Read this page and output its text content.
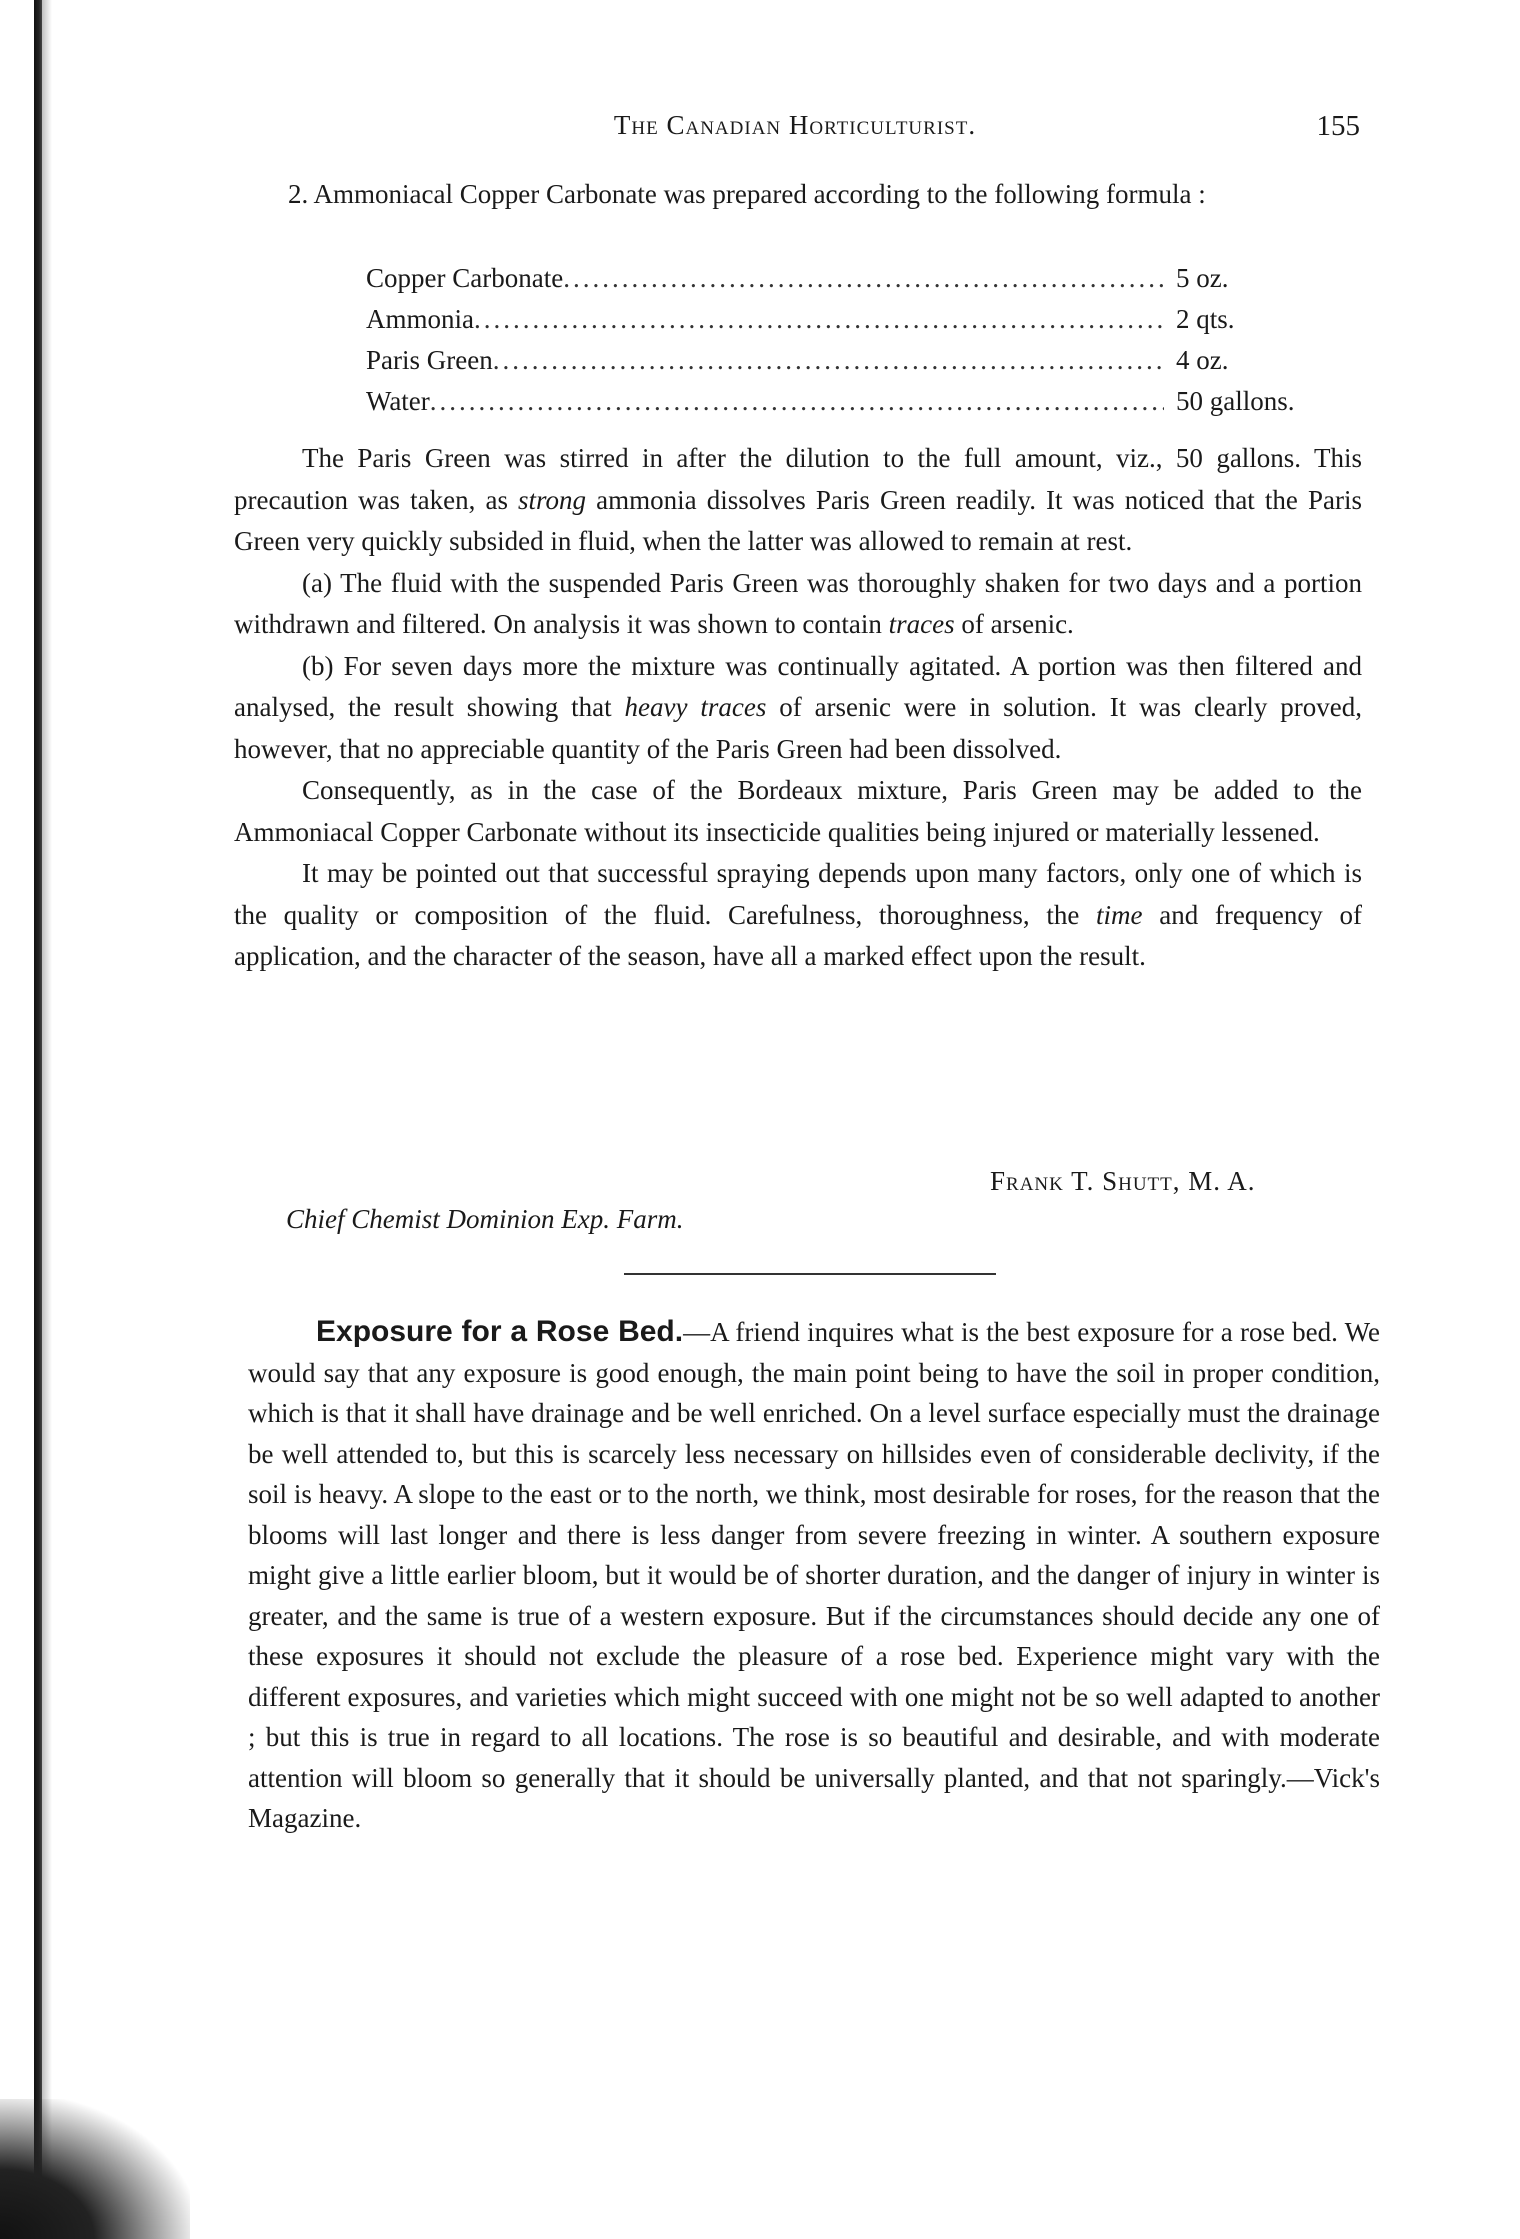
The Canadian Horticulturist.	155

2. Ammoniacal Copper Carbonate was prepared according to the following formula :

Copper Carbonate .....	5 oz.
Ammonia .....	2 qts.
Paris Green .....	4 oz.
Water .....	50 gallons.

The Paris Green was stirred in after the dilution to the full amount, viz., 50 gallons. This precaution was taken, as strong ammonia dissolves Paris Green readily. It was noticed that the Paris Green very quickly subsided in fluid, when the latter was allowed to remain at rest.

(a) The fluid with the suspended Paris Green was thoroughly shaken for two days and a portion withdrawn and filtered. On analysis it was shown to contain traces of arsenic.

(b) For seven days more the mixture was continually agitated. A portion was then filtered and analysed, the result showing that heavy traces of arsenic were in solution. It was clearly proved, however, that no appreciable quantity of the Paris Green had been dissolved.

Consequently, as in the case of the Bordeaux mixture, Paris Green may be added to the Ammoniacal Copper Carbonate without its insecticide qualities being injured or materially lessened.

It may be pointed out that successful spraying depends upon many factors, only one of which is the quality or composition of the fluid. Carefulness, thoroughness, the time and frequency of application, and the character of the season, have all a marked effect upon the result.

Frank T. Shutt, M. A.
Chief Chemist Dominion Exp. Farm.

Exposure for a Rose Bed.—A friend inquires what is the best exposure for a rose bed. We would say that any exposure is good enough, the main point being to have the soil in proper condition, which is that it shall have drainage and be well enriched. On a level surface especially must the drainage be well attended to, but this is scarcely less necessary on hillsides even of considerable declivity, if the soil is heavy. A slope to the east or to the north, we think, most desirable for roses, for the reason that the blooms will last longer and there is less danger from severe freezing in winter. A southern exposure might give a little earlier bloom, but it would be of shorter duration, and the danger of injury in winter is greater, and the same is true of a western exposure. But if the circumstances should decide any one of these exposures it should not exclude the pleasure of a rose bed. Experience might vary with the different exposures, and varieties which might succeed with one might not be so well adapted to another ; but this is true in regard to all locations. The rose is so beautiful and desirable, and with moderate attention will bloom so generally that it should be universally planted, and that not sparingly.—Vick's Magazine.
